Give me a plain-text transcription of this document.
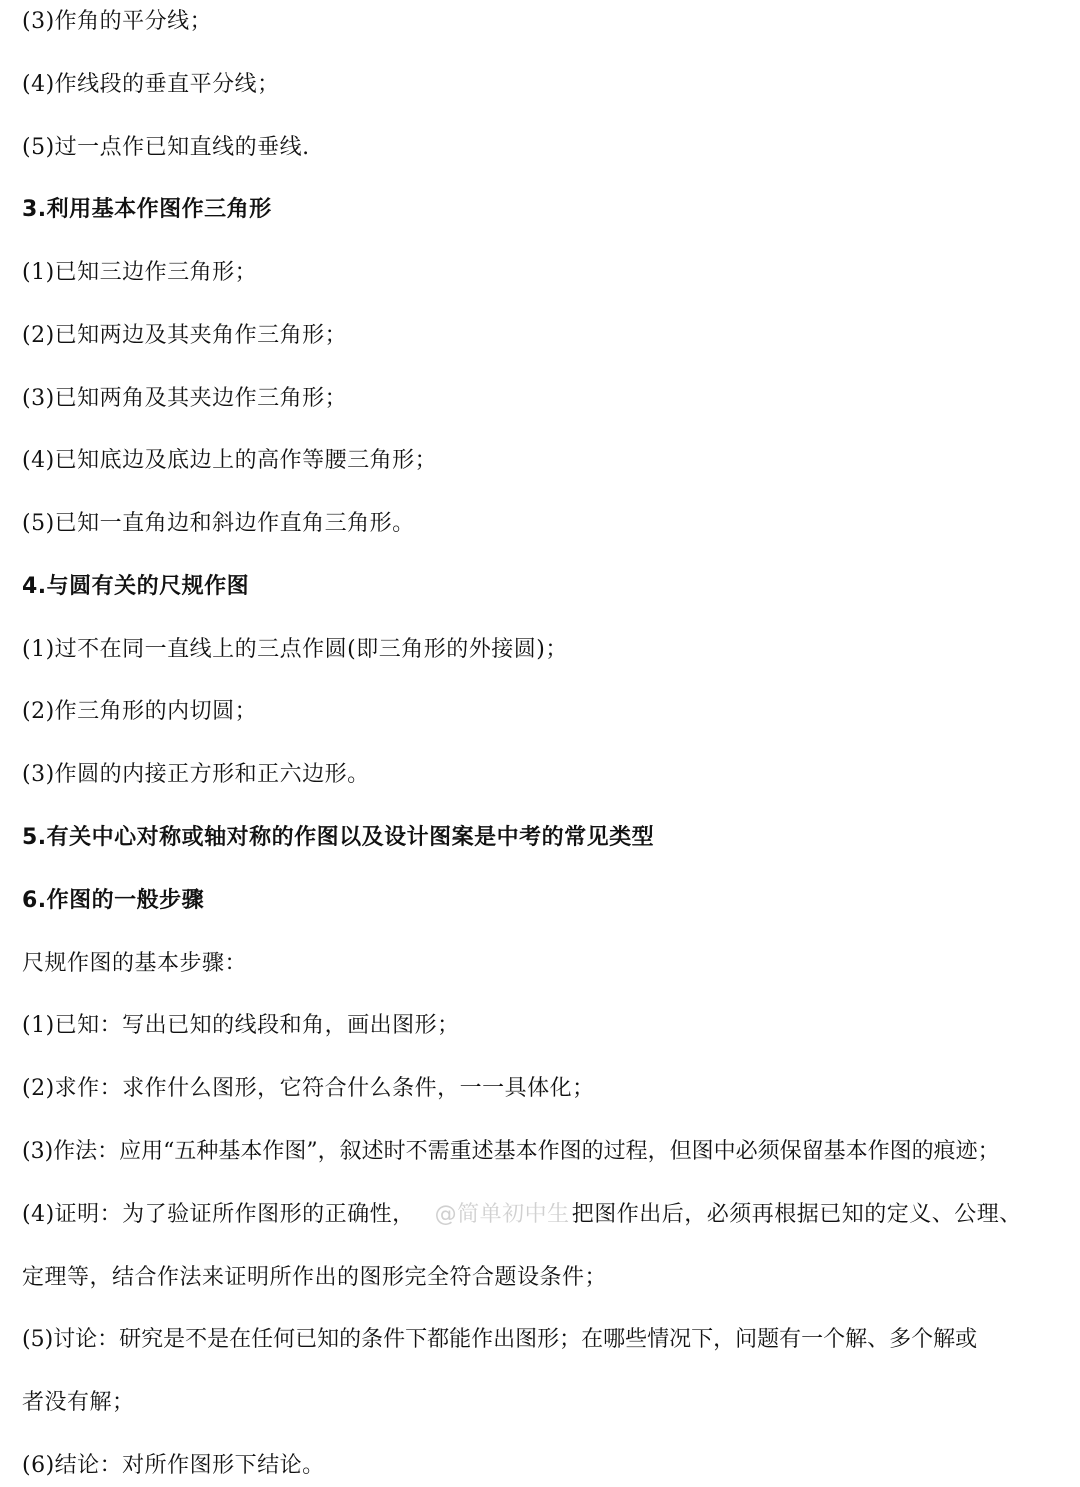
(3)作角的平分线；
(4)作线段的垂直平分线；
(5)过一点作已知直线的垂线.
3.利用基本作图作三角形
(1)已知三边作三角形；
(2)已知两边及其夹角作三角形；
(3)已知两角及其夹边作三角形；
(4)已知底边及底边上的高作等腰三角形；
(5)已知一直角边和斜边作直角三角形。
4.与圆有关的尺规作图
(1)过不在同一直线上的三点作圆(即三角形的外接圆)；
(2)作三角形的内切圆；
(3)作圆的内接正方形和正六边形。
5.有关中心对称或轴对称的作图以及设计图案是中考的常见类型
6.作图的一般步骤
尺规作图的基本步骤：
(1)已知：写出已知的线段和角，画出图形；
(2)求作：求作什么图形，它符合什么条件，一一具体化；
(3)作法：应用“五种基本作图”，叙述时不需重述基本作图的过程，但图中必须保留基本作图的痕迹；
(4)证明：为了验证所作图形的正确性， @简单初中生把图作出后，必须再根据已知的定义、公理、
定理等，结合作法来证明所作出的图形完全符合题设条件；
(5)讨论：研究是不是在任何已知的条件下都能作出图形；在哪些情况下，问题有一个解、多个解或
者没有解；
(6)结论：对所作图形下结论。
